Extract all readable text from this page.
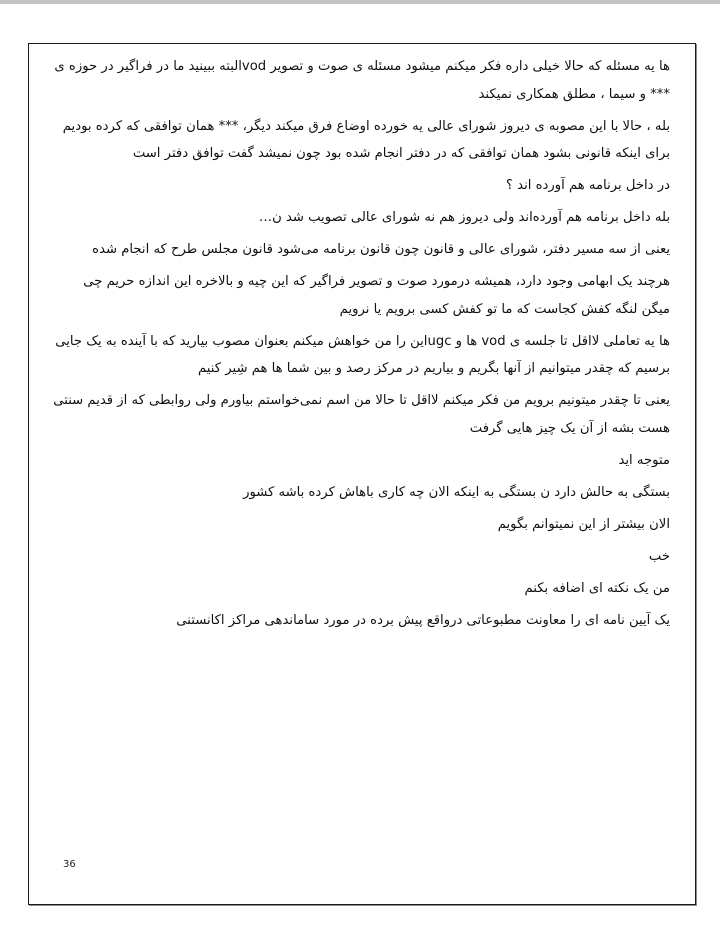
ها یه مسئله که حالا خیلی داره فکر میکنم میشود مسئله ی صوت و تصویر vodالبته ببینید ما در فراگیر در حوزه ی *** و سیما ، مطلق همکاری نمیکند

بله ، حالا با این مصوبه ی دیروز شورای عالی یه خورده اوضاع فرق میکند دیگر، *** همان توافقی که کرده بودیم برای اینکه قانونی بشود همان توافقی که در دفتر انجام شده بود چون نمیشد گفت توافق دفتر است

در داخل برنامه هم آورده اند ؟

بله داخل برنامه هم آورده‌اند ولی دیروز هم نه شورای عالی تصویب شد ن…

یعنی از سه مسیر دفتر، شورای عالی و قانون چون قانون برنامه می‌شود قانون مجلس طرح که انجام شده

هرچند یک ابهامی وجود دارد، همیشه درمورد صوت و تصویر فراگیر که این چیه و بالاخره این اندازه حریم چی میگن لنگه کفش کجاست که ما تو کفش کسی برویم یا نرویم

ها یه تعاملی لااقل تا جلسه ی vod ها و ugcاین را من خواهش میکنم بعنوان مصوب بیارید که با آینده به یک جایی برسیم که چقدر میتوانیم از آنها بگریم و بیاریم در مرکز رصد و بین شما ها هم شِیر کنیم

یعنی تا چقدر میتونیم برویم من فکر میکنم لااقل تا حالا من اسم نمی‌خواستم بیاورم ولی روابطی که از قدیم سنتی هست بشه از آن یک چیز هایی گرفت

متوجه اید

بستگی به حالش دارد ن بستگی به اینکه الان چه کاری باهاش کرده باشه کشور

الان بیشتر از این نمیتوانم بگویم

خب

من یک نکته ای اضافه بکنم

یک آیین نامه ای را معاونت مطبوعاتی درواقع پیش برده در مورد ساماندهی مراکز اکانستنی

36
